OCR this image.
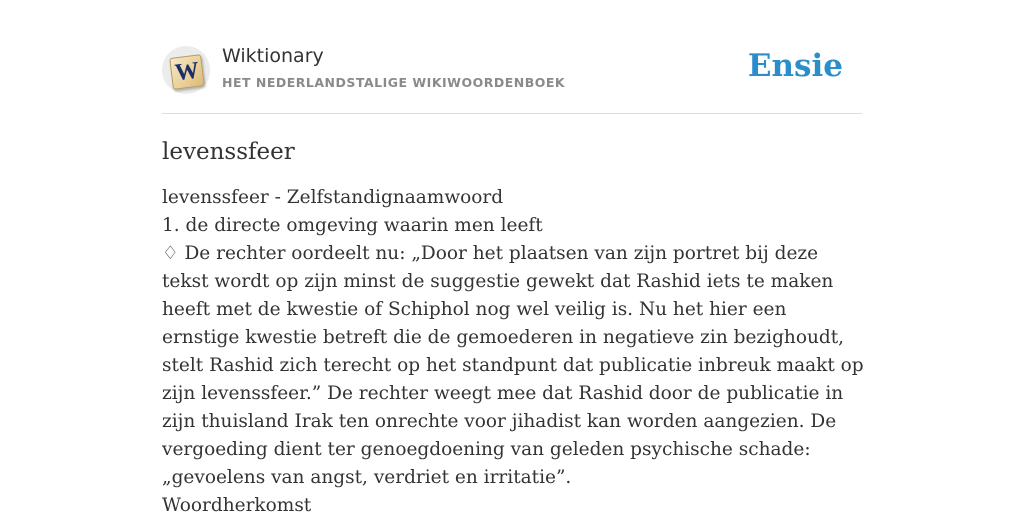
W
Wiktionary
HET NEDERLANDSTALIGE WIKIWOORDENBOEK	Ensie
levenssfeer

levenssfeer - Zelfstandignaamwoord

1. de directe omgeving waarin men leeft

♢ De rechter oordeelt nu: „Door het plaatsen van zijn portret bij deze tekst wordt op zijn minst de suggestie gewekt dat Rashid iets te maken heeft met de kwestie of Schiphol nog wel veilig is. Nu het hier een ernstige kwestie betreft die de gemoederen in negatieve zin bezighoudt, stelt Rashid zich terecht op het standpunt dat publicatie inbreuk maakt op zijn levenssfeer.” De rechter weegt mee dat Rashid door de publicatie in zijn thuisland Irak ten onrechte voor jihadist kan worden aangezien. De vergoeding dient ter genoegdoening van geleden psychische schade: „gevoelens van angst, verdriet en irritatie”.

Woordherkomst
